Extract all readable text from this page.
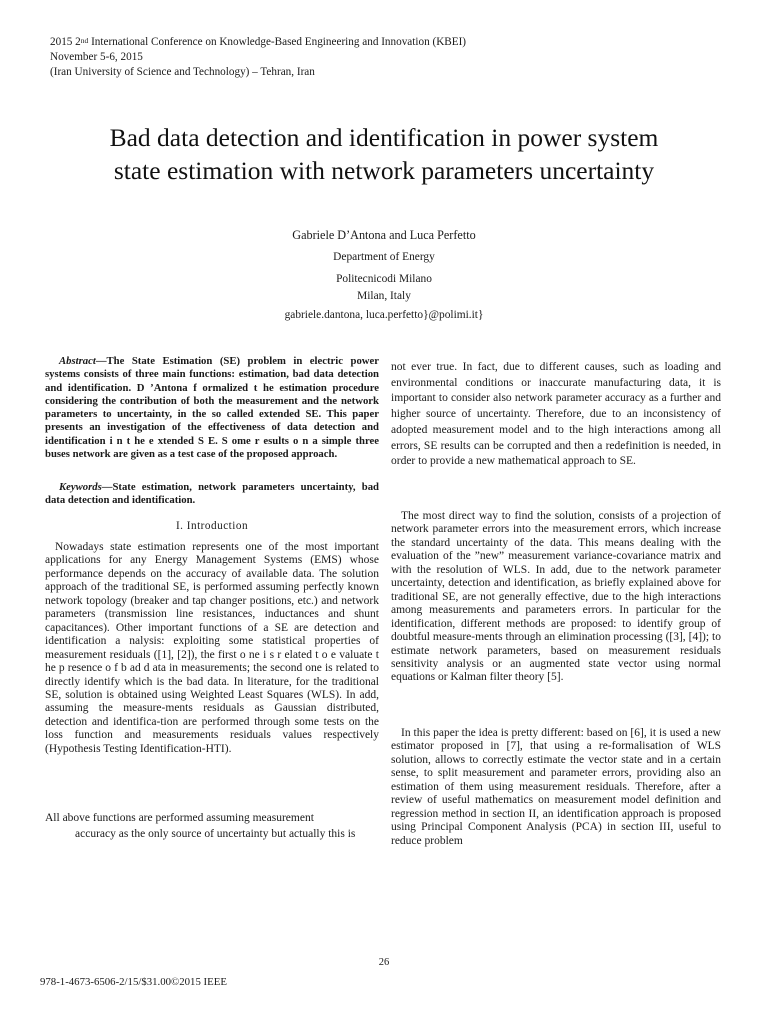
2015 2nd International Conference on Knowledge-Based Engineering and Innovation (KBEI)
November 5-6, 2015
(Iran University of Science and Technology) – Tehran, Iran
Bad data detection and identification in power system
state estimation with network parameters uncertainty
Gabriele D’Antona and Luca Perfetto
Department of Energy
Politecnicodi Milano
Milan, Italy
gabriele.dantona, luca.perfetto}@polimi.it}
Abstract—The State Estimation (SE) problem in electric power systems consists of three main functions: estimation, bad data detection and identification. D ’Antona f ormalized t he estimation procedure considering the contribution of both the measurement and the network parameters to uncertainty, in the so called extended SE. This paper presents an investigation of the effectiveness of data detection and identification i n t he e xtended S E. S ome r esults o n a simple three buses network are given as a test case of the proposed approach.
Keywords—State estimation, network parameters uncertainty, bad data detection and identification.
I. Introduction
Nowadays state estimation represents one of the most important applications for any Energy Management Systems (EMS) whose performance depends on the accuracy of available data. The solution approach of the traditional SE, is performed assuming perfectly known network topology (breaker and tap changer positions, etc.) and network parameters (transmission line resistances, inductances and shunt capacitances). Other important functions of a SE are detection and identification a nalysis: exploiting some statistical properties of measurement residuals ([1], [2]), the first o ne i s r elated t o e valuate t he p resence o f b ad d ata in measurements; the second one is related to directly identify which is the bad data. In literature, for the traditional SE, solution is obtained using Weighted Least Squares (WLS). In add, assuming the measure-ments residuals as Gaussian distributed, detection and identifica-tion are performed through some tests on the loss function and measurements residuals values respectively (Hypothesis Testing Identification-HTI).
All above functions are performed assuming measurement
accuracy as the only source of uncertainty but actually this is
not ever true. In fact, due to different causes, such as loading and environmental conditions or inaccurate manufacturing data, it is important to consider also network parameter accuracy as a further and higher source of uncertainty. Therefore, due to an inconsistency of adopted measurement model and to the high interactions among all errors, SE results can be corrupted and then a redefinition is needed, in order to provide a new mathematical approach to SE.
The most direct way to find the solution, consists of a projection of network parameter errors into the measurement errors, which increase the standard uncertainty of the data. This means dealing with the evaluation of the ”new” measurement variance-covariance matrix and with the resolution of WLS. In add, due to the network parameter uncertainty, detection and identification, as briefly explained above for traditional SE, are not generally effective, due to the high interactions among measurements and parameters errors. In particular for the identification, different methods are proposed: to identify group of doubtful measure-ments through an elimination processing ([3], [4]); to estimate network parameters, based on measurement residuals sensitivity analysis or an augmented state vector using normal equations or Kalman filter theory [5].
In this paper the idea is pretty different: based on [6], it is used a new estimator proposed in [7], that using a re-formalisation of WLS solution, allows to correctly estimate the vector state and in a certain sense, to split measurement and parameter errors, providing also an estimation of them using measurement residuals. Therefore, after a review of useful mathematics on measurement model definition and regression method in section II, an identification approach is proposed using Principal Component Analysis (PCA) in section III, useful to reduce problem
26
978-1-4673-6506-2/15/$31.00©2015 IEEE
